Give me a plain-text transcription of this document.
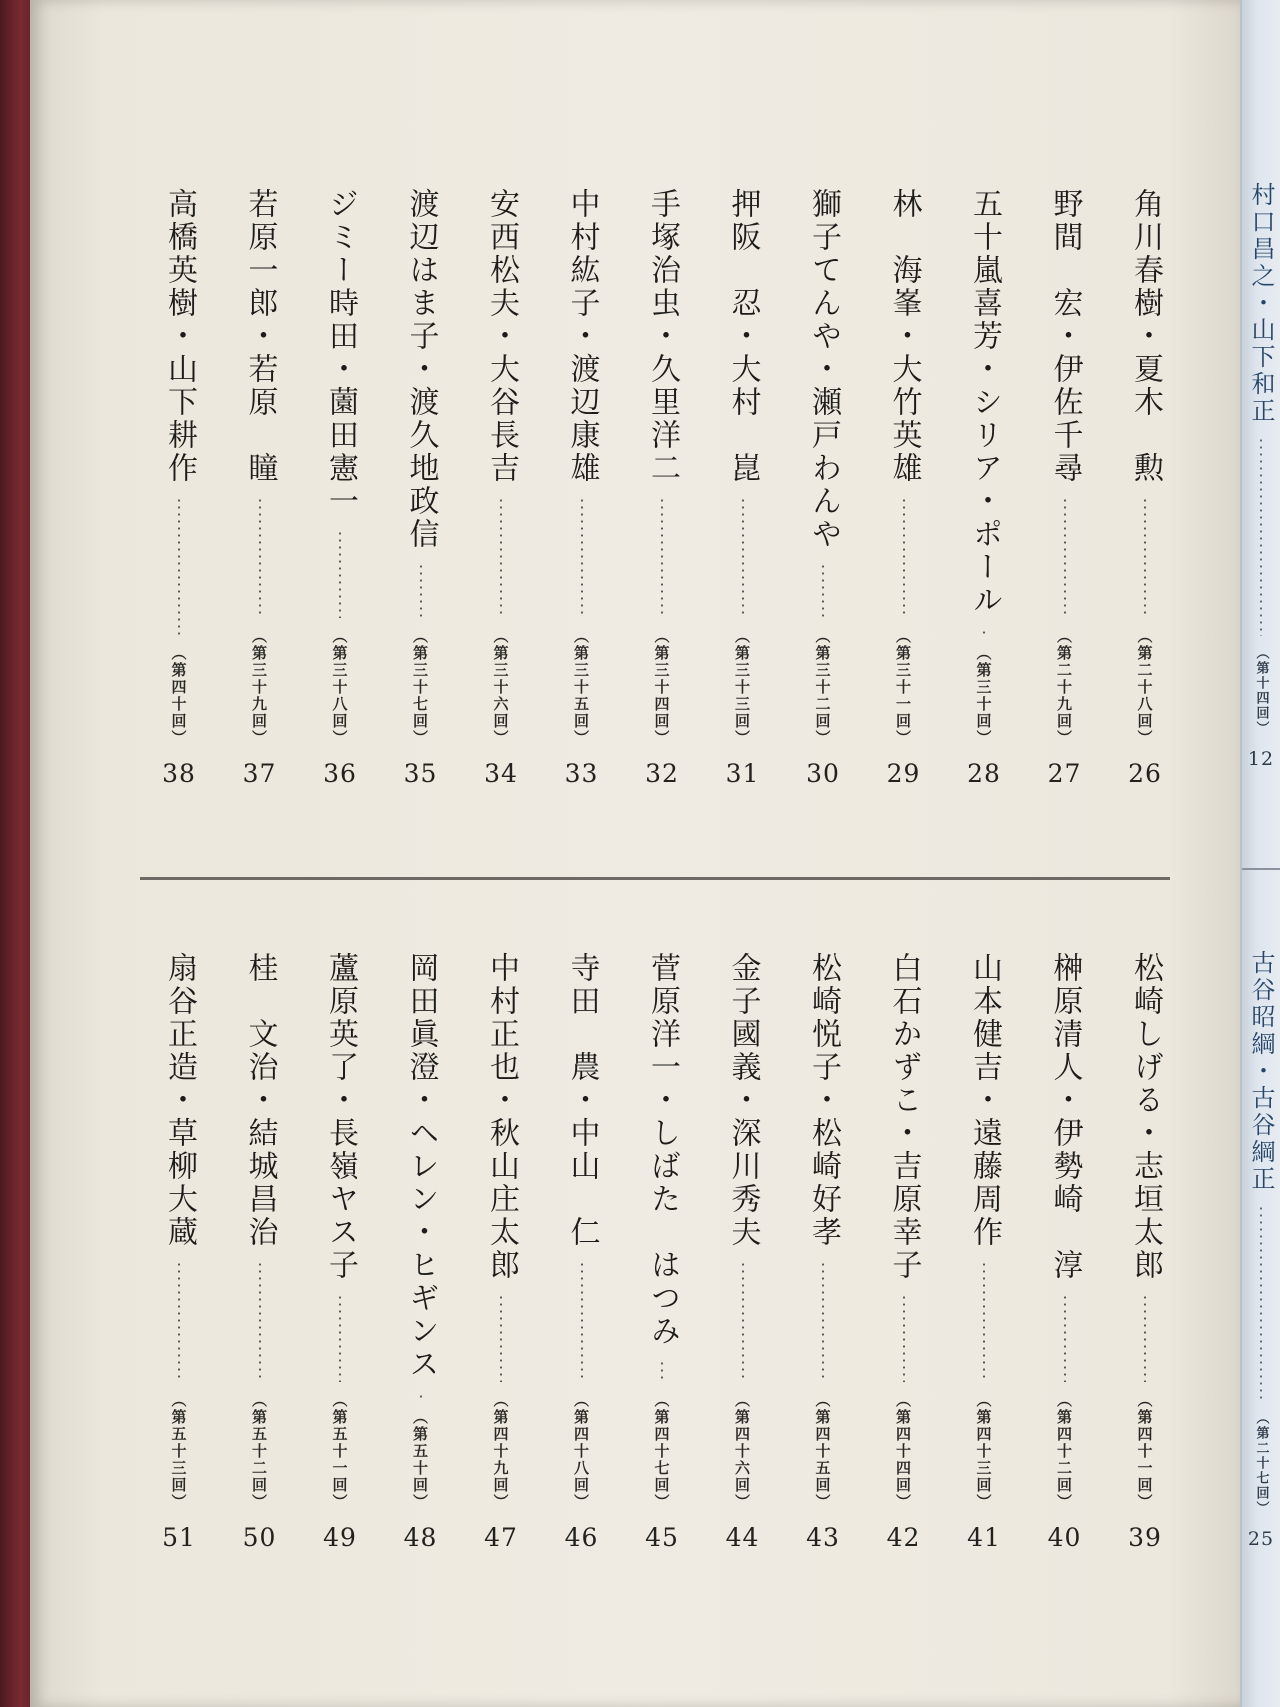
角川春樹・夏木　勲
（第二十八回）
26
野間　宏・伊佐千尋
（第二十九回）
27
五十嵐喜芳・シリア・ポール
（第三十回）
28
林　海峯・大竹英雄
（第三十一回）
29
獅子てんや・瀬戸わんや
（第三十二回）
30
押阪　忍・大村　崑
（第三十三回）
31
手塚治虫・久里洋二
（第三十四回）
32
中村紘子・渡辺康雄
（第三十五回）
33
安西松夫・大谷長吉
（第三十六回）
34
渡辺はま子・渡久地政信
（第三十七回）
35
ジミー時田・薗田憲一
（第三十八回）
36
若原一郎・若原　瞳
（第三十九回）
37
高橋英樹・山下耕作
（第四十回）
38
松崎しげる・志垣太郎
（第四十一回）
39
榊原清人・伊勢崎　淳
（第四十二回）
40
山本健吉・遠藤周作
（第四十三回）
41
白石かずこ・吉原幸子
（第四十四回）
42
松崎悦子・松崎好孝
（第四十五回）
43
金子國義・深川秀夫
（第四十六回）
44
菅原洋一・しばた　はつみ
（第四十七回）
45
寺田　農・中山　仁
（第四十八回）
46
中村正也・秋山庄太郎
（第四十九回）
47
岡田眞澄・ヘレン・ヒギンス
（第五十回）
48
蘆原英了・長嶺ヤス子
（第五十一回）
49
桂　文治・結城昌治
（第五十二回）
50
扇谷正造・草柳大蔵
（第五十三回）
51
村口昌之・山下和正
（第十四回）
12
古谷昭綱・古谷綱正
（第二十七回）
25
